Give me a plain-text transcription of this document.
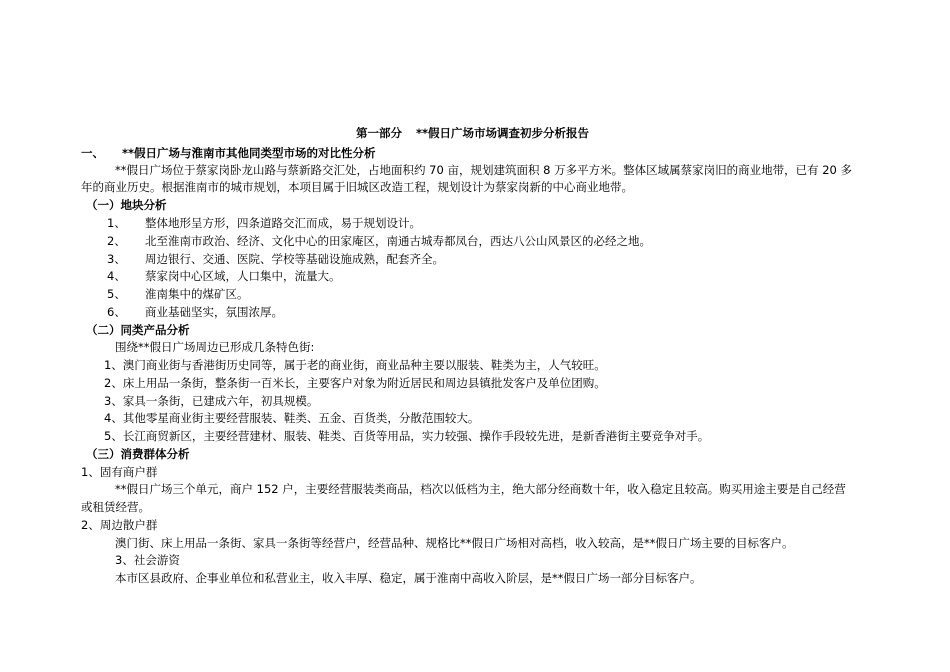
第一部分 **假日广场市场调查初步分析报告
一、 **假日广场与淮南市其他同类型市场的对比性分析
**假日广场位于蔡家岗卧龙山路与蔡新路交汇处，占地面积约 70 亩，规划建筑面积 8 万多平方米。整体区域属蔡家岗旧的商业地带，已有 20 多
年的商业历史。根据淮南市的城市规划，本项目属于旧城区改造工程，规划设计为蔡家岗新的中心商业地带。
（一）地块分析
1、 整体地形呈方形，四条道路交汇而成，易于规划设计。
2、 北至淮南市政治、经济、文化中心的田家庵区，南通古城寿都凤台，西达八公山风景区的必经之地。
3、 周边银行、交通、医院、学校等基础设施成熟，配套齐全。
4、 蔡家岗中心区域，人口集中，流量大。
5、 淮南集中的煤矿区。
6、 商业基础坚实，氛围浓厚。
（二）同类产品分析
围绕**假日广场周边已形成几条特色街:
1、澳门商业街与香港街历史同等，属于老的商业街，商业品种主要以服装、鞋类为主，人气较旺。
2、床上用品一条街，整条街一百米长，主要客户对象为附近居民和周边县镇批发客户及单位团购。
3、家具一条街，已建成六年，初具规模。
4、其他零星商业街主要经营服装、鞋类、五金、百货类，分散范围较大。
5、长江商贸新区，主要经营建材、服装、鞋类、百货等用品，实力较强、操作手段较先进，是新香港街主要竞争对手。
（三）消费群体分析
1、固有商户群
**假日广场三个单元，商户 152 户，主要经营服装类商品，档次以低档为主，绝大部分经商数十年，收入稳定且较高。购买用途主要是自己经营
或租赁经营。
2、周边散户群
澳门街、床上用品一条街、家具一条街等经营户，经营品种、规格比**假日广场相对高档，收入较高，是**假日广场主要的目标客户。
3、社会游资
本市区县政府、企事业单位和私营业主，收入丰厚、稳定，属于淮南中高收入阶层，是**假日广场一部分目标客户。
